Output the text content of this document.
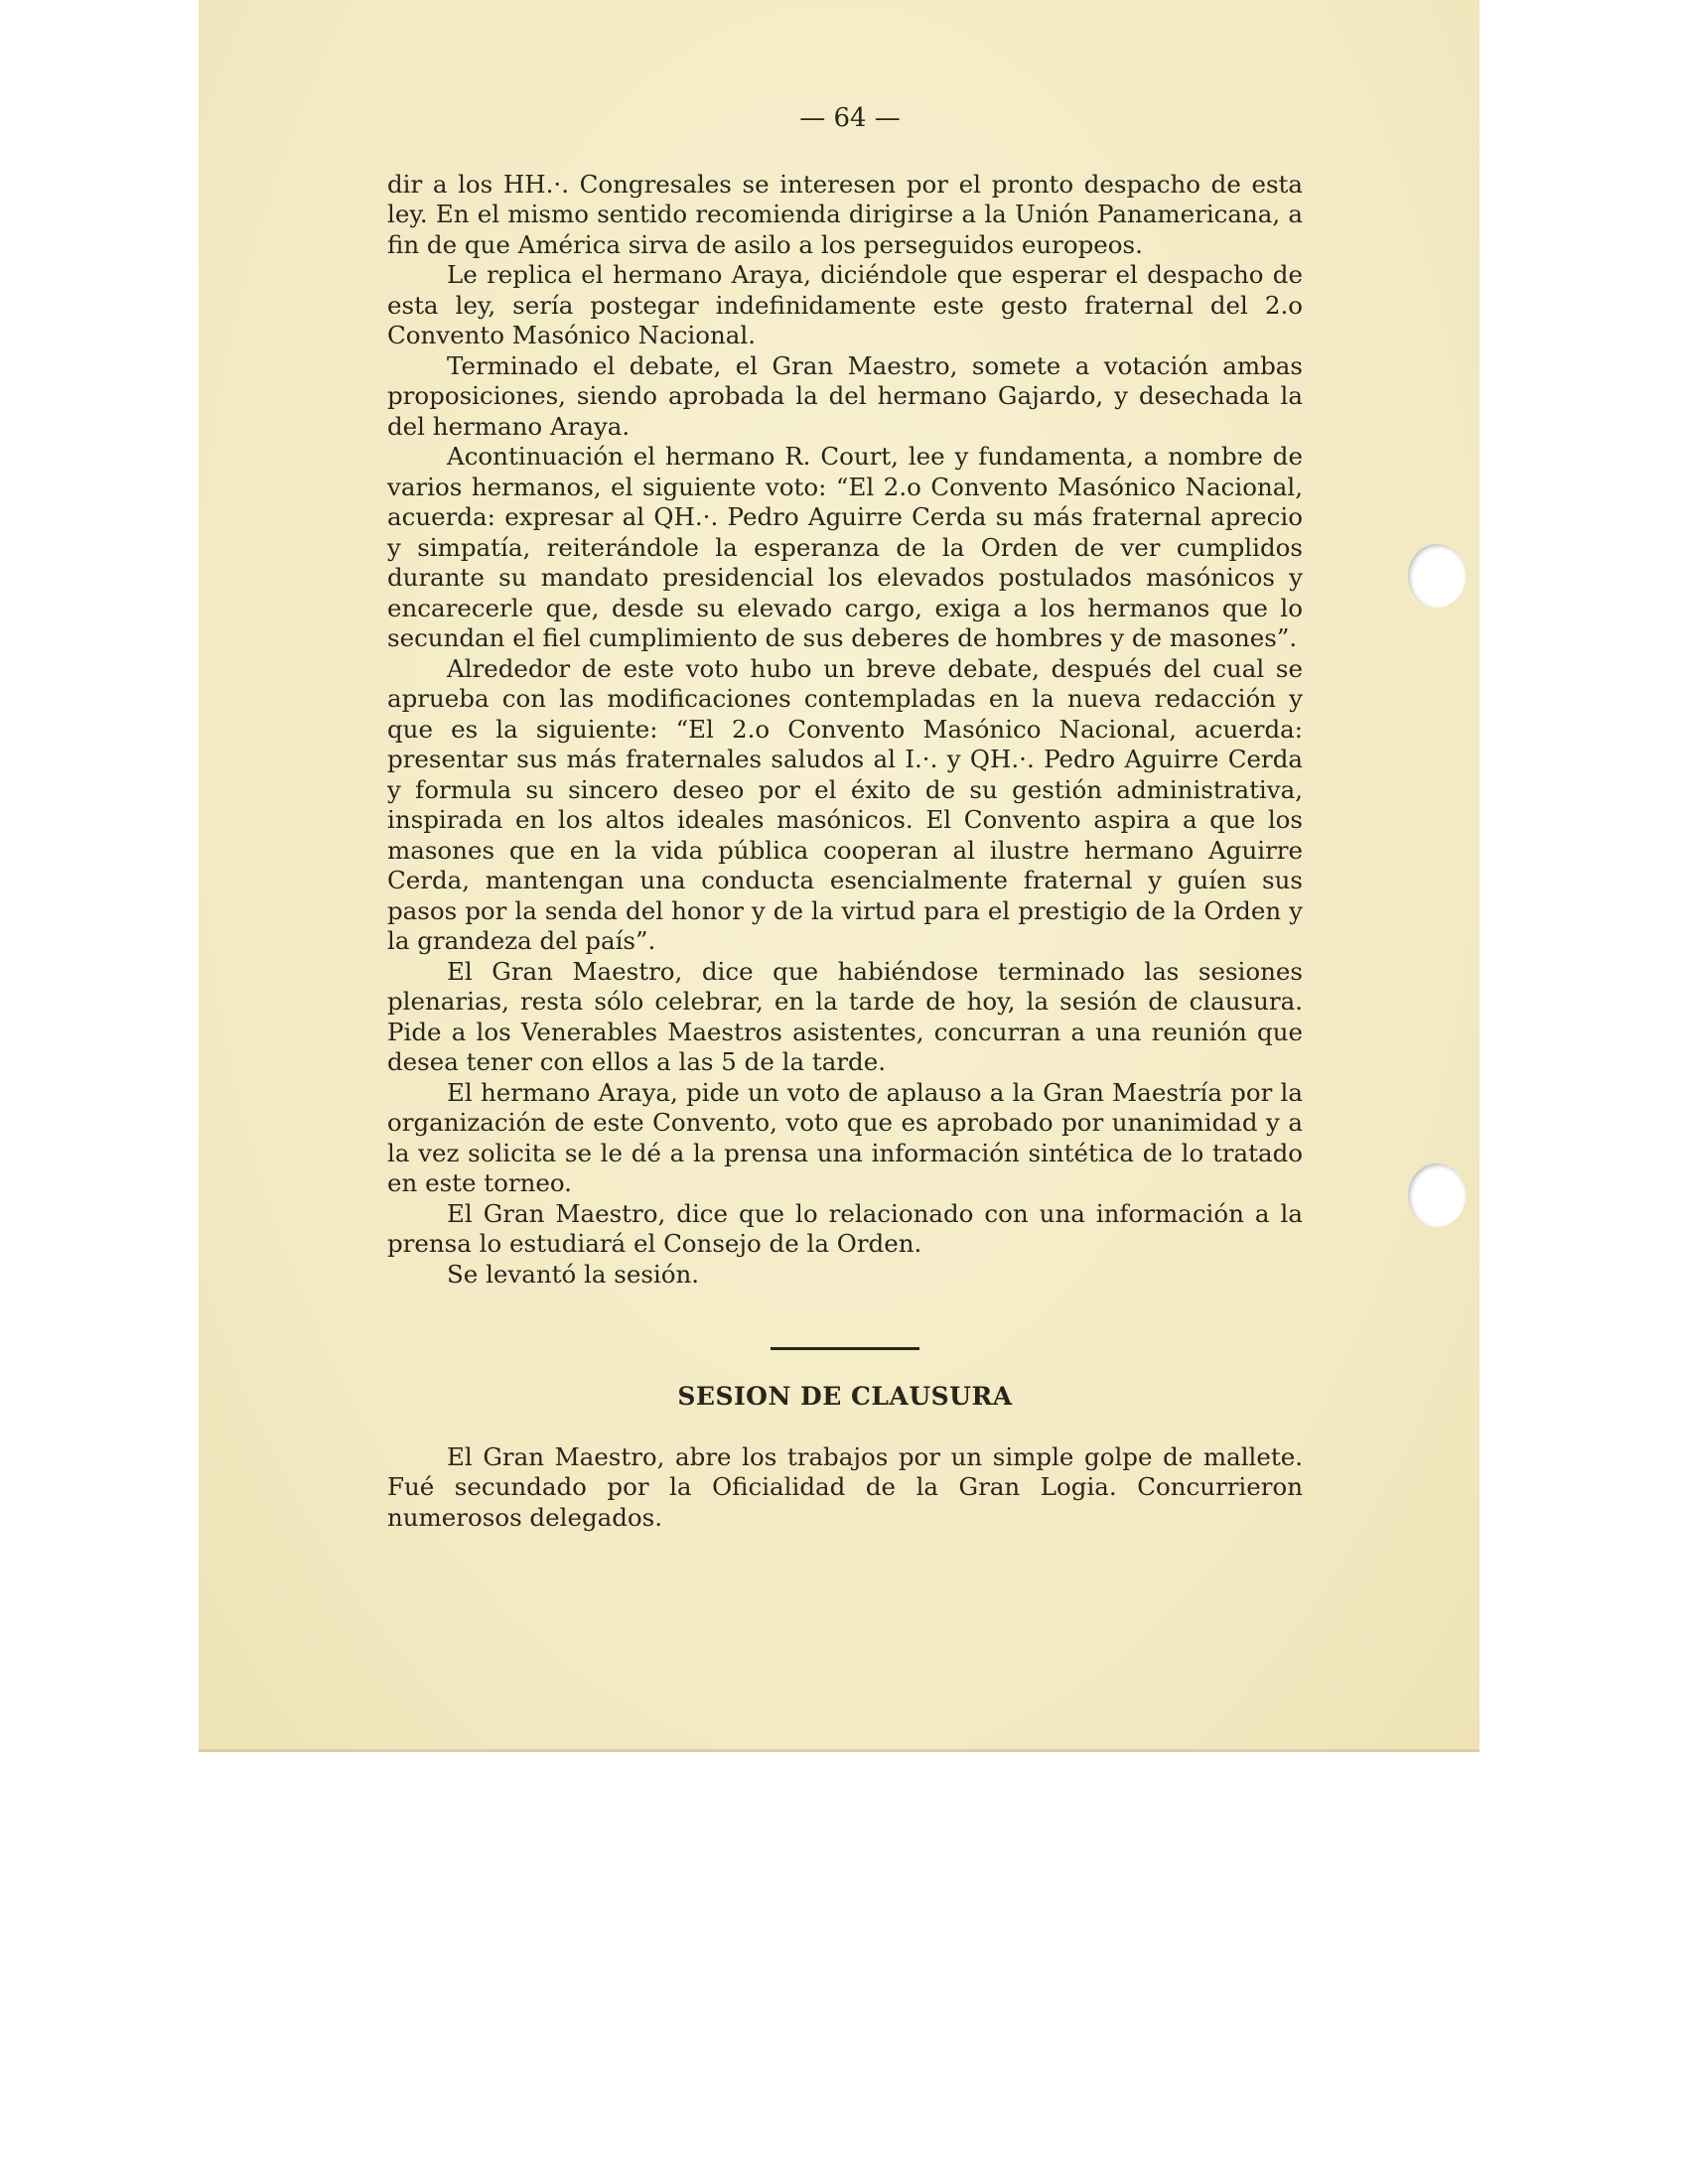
— 64 —

dir a los HH.·. Congresales se interesen por el pronto despacho de esta ley. En el mismo sentido recomienda dirigirse a la Unión Panamericana, a fin de que América sirva de asilo a los perseguidos europeos.

Le replica el hermano Araya, diciéndole que esperar el despacho de esta ley, sería postegar indefinidamente este gesto fraternal del 2.o Convento Masónico Nacional.

Terminado el debate, el Gran Maestro, somete a votación ambas proposiciones, siendo aprobada la del hermano Gajardo, y desechada la del hermano Araya.

Acontinuación el hermano R. Court, lee y fundamenta, a nombre de varios hermanos, el siguiente voto: “El 2.o Convento Masónico Nacional, acuerda: expresar al QH.·. Pedro Aguirre Cerda su más fraternal aprecio y simpatía, reiterándole la esperanza de la Orden de ver cumplidos durante su mandato presidencial los elevados postulados masónicos y encarecerle que, desde su elevado cargo, exiga a los hermanos que lo secundan el fiel cumplimiento de sus deberes de hombres y de masones”.

Alrededor de este voto hubo un breve debate, después del cual se aprueba con las modificaciones contempladas en la nueva redacción y que es la siguiente: “El 2.o Convento Masónico Nacional, acuerda: presentar sus más fraternales saludos al I.·. y QH.·. Pedro Aguirre Cerda y formula su sincero deseo por el éxito de su gestión administrativa, inspirada en los altos ideales masónicos. El Convento aspira a que los masones que en la vida pública cooperan al ilustre hermano Aguirre Cerda, mantengan una conducta esencialmente fraternal y guíen sus pasos por la senda del honor y de la virtud para el prestigio de la Orden y la grandeza del país”.

El Gran Maestro, dice que habiéndose terminado las sesiones plenarias, resta sólo celebrar, en la tarde de hoy, la sesión de clausura. Pide a los Venerables Maestros asistentes, concurran a una reunión que desea tener con ellos a las 5 de la tarde.

El hermano Araya, pide un voto de aplauso a la Gran Maestría por la organización de este Convento, voto que es aprobado por unanimidad y a la vez solicita se le dé a la prensa una información sintética de lo tratado en este torneo.

El Gran Maestro, dice que lo relacionado con una información a la prensa lo estudiará el Consejo de la Orden.

Se levantó la sesión.

SESION DE CLAUSURA

El Gran Maestro, abre los trabajos por un simple golpe de mallete. Fué secundado por la Oficialidad de la Gran Logia. Concurrieron numerosos delegados.
